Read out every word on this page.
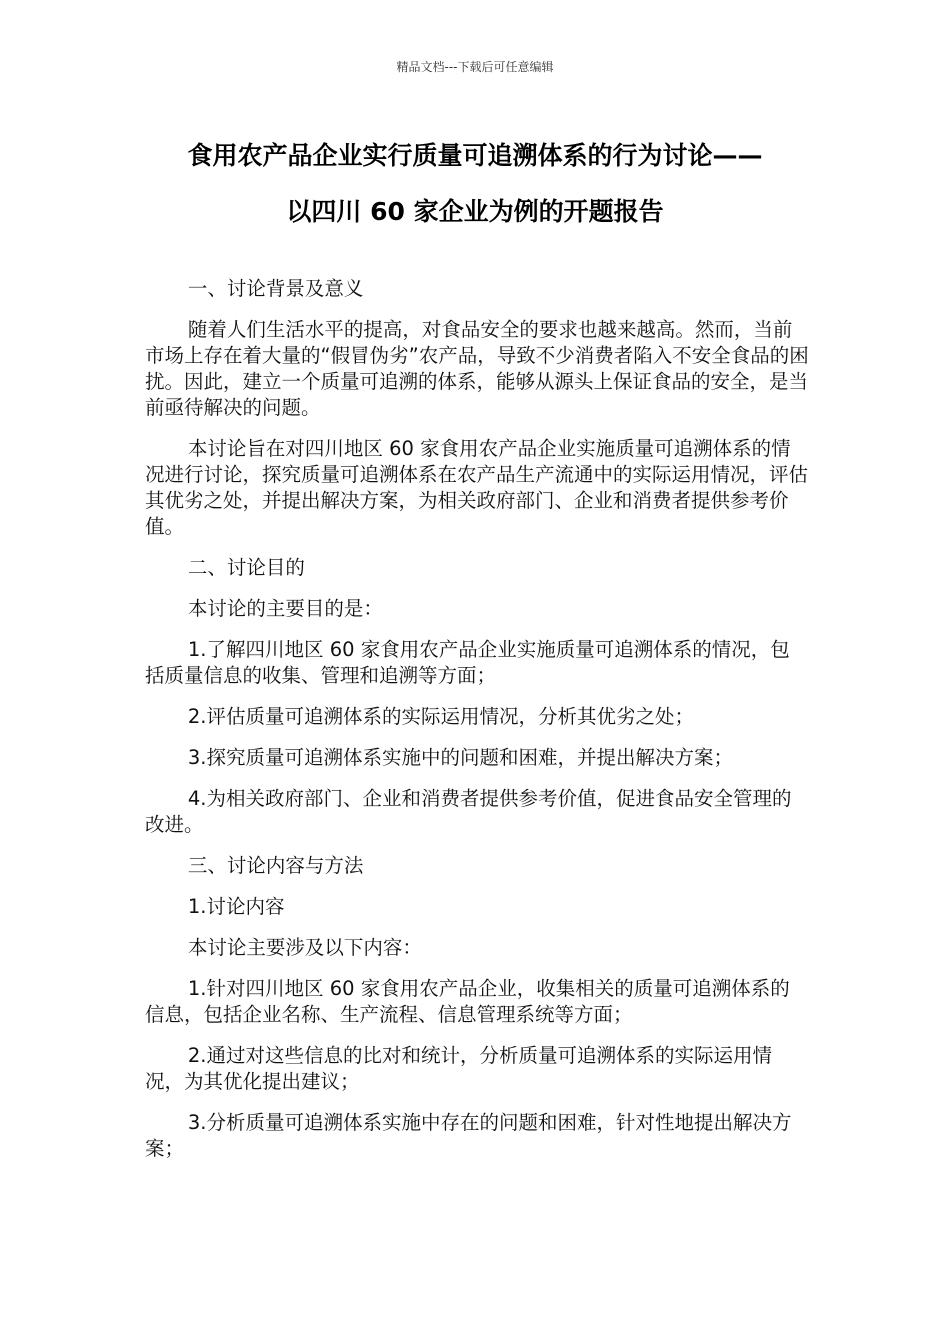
精品文档---下载后可任意编辑
食用农产品企业实行质量可追溯体系的行为讨论——
以四川 60 家企业为例的开题报告

一、讨论背景及意义

随着人们生活水平的提高，对食品安全的要求也越来越高。然而，当前市场上存在着大量的“假冒伪劣”农产品，导致不少消费者陷入不安全食品的困扰。因此，建立一个质量可追溯的体系，能够从源头上保证食品的安全，是当前亟待解决的问题。

本讨论旨在对四川地区 60 家食用农产品企业实施质量可追溯体系的情况进行讨论，探究质量可追溯体系在农产品生产流通中的实际运用情况，评估其优劣之处，并提出解决方案，为相关政府部门、企业和消费者提供参考价值。

二、讨论目的

本讨论的主要目的是：

1.了解四川地区 60 家食用农产品企业实施质量可追溯体系的情况，包括质量信息的收集、管理和追溯等方面；

2.评估质量可追溯体系的实际运用情况，分析其优劣之处；

3.探究质量可追溯体系实施中的问题和困难，并提出解决方案；

4.为相关政府部门、企业和消费者提供参考价值，促进食品安全管理的改进。

三、讨论内容与方法

1.讨论内容

本讨论主要涉及以下内容：

1.针对四川地区 60 家食用农产品企业，收集相关的质量可追溯体系的信息，包括企业名称、生产流程、信息管理系统等方面；

2.通过对这些信息的比对和统计，分析质量可追溯体系的实际运用情况，为其优化提出建议；

3.分析质量可追溯体系实施中存在的问题和困难，针对性地提出解决方案；
